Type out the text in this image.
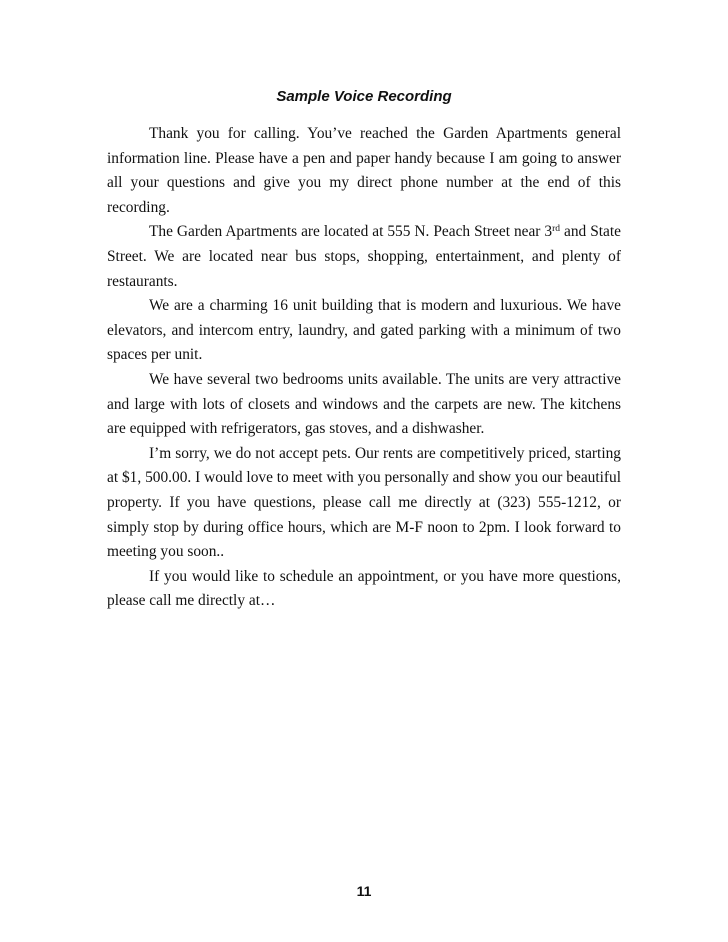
Sample Voice Recording

Thank you for calling. You’ve reached the Garden Apartments general information line. Please have a pen and paper handy because I am going to answer all your questions and give you my direct phone number at the end of this recording.

The Garden Apartments are located at 555 N. Peach Street near 3rd and State Street. We are located near bus stops, shopping, entertainment, and plenty of restaurants.

We are a charming 16 unit building that is modern and luxurious. We have elevators, and intercom entry, laundry, and gated parking with a minimum of two spaces per unit.

We have several two bedrooms units available. The units are very attractive and large with lots of closets and windows and the carpets are new. The kitchens are equipped with refrigerators, gas stoves, and a dishwasher.

I’m sorry, we do not accept pets. Our rents are competitively priced, starting at $1, 500.00. I would love to meet with you personally and show you our beautiful property. If you have questions, please call me directly at (323) 555-1212, or simply stop by during office hours, which are M-F noon to 2pm. I look forward to meeting you soon..

If you would like to schedule an appointment, or you have more questions, please call me directly at…

11
